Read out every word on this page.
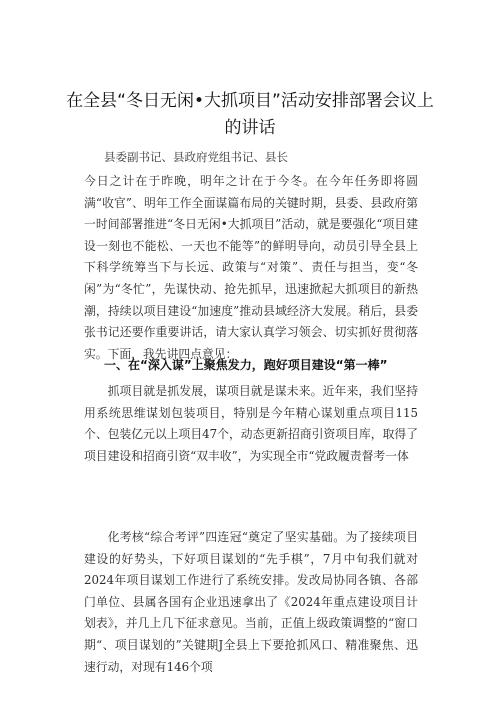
在全县“冬日无闲•大抓项目”活动安排部署会议上的讲话

县委副书记、县政府党组书记、县长

今日之计在于昨晚，明年之计在于今冬。在今年任务即将圆满“收官”、明年工作全面谋篇布局的关键时期，县委、县政府第一时间部署推进“冬日无闲•大抓项目”活动，就是要强化“项目建设一刻也不能松、一天也不能等”的鲜明导向，动员引导全县上下科学统筹当下与长远、政策与“对策”、责任与担当，变“冬闲”为“冬忙”，先谋快动、抢先抓早，迅速掀起大抓项目的新热潮，持续以项目建设“加速度”推动县域经济大发展。稍后，县委张书记还要作重要讲话，请大家认真学习领会、切实抓好贯彻落实。下面，我先讲四点意见：

一、在“深入谋”上聚焦发力，跑好项目建设“第一棒”

抓项目就是抓发展，谋项目就是谋未来。近年来，我们坚持用系统思维谋划包装项目，特别是今年精心谋划重点项目115个、包装亿元以上项目47个，动态更新招商引资项目库，取得了项目建设和招商引资“双丰收”，为实现全市“党政履责督考一体

化考核“综合考评”四连冠“奠定了坚实基础。为了接续项目建设的好势头，下好项目谋划的“先手棋”，7月中旬我们就对2024年项目谋划工作进行了系统安排。发改局协同各镇、各部门单位、县属各国有企业迅速拿出了《2024年重点建设项目计划表》，并几上几下征求意见。当前，正值上级政策调整的“窗口期“、项目谋划的”关键期J全县上下要抢抓风口、精准聚焦、迅速行动，对现有146个项
